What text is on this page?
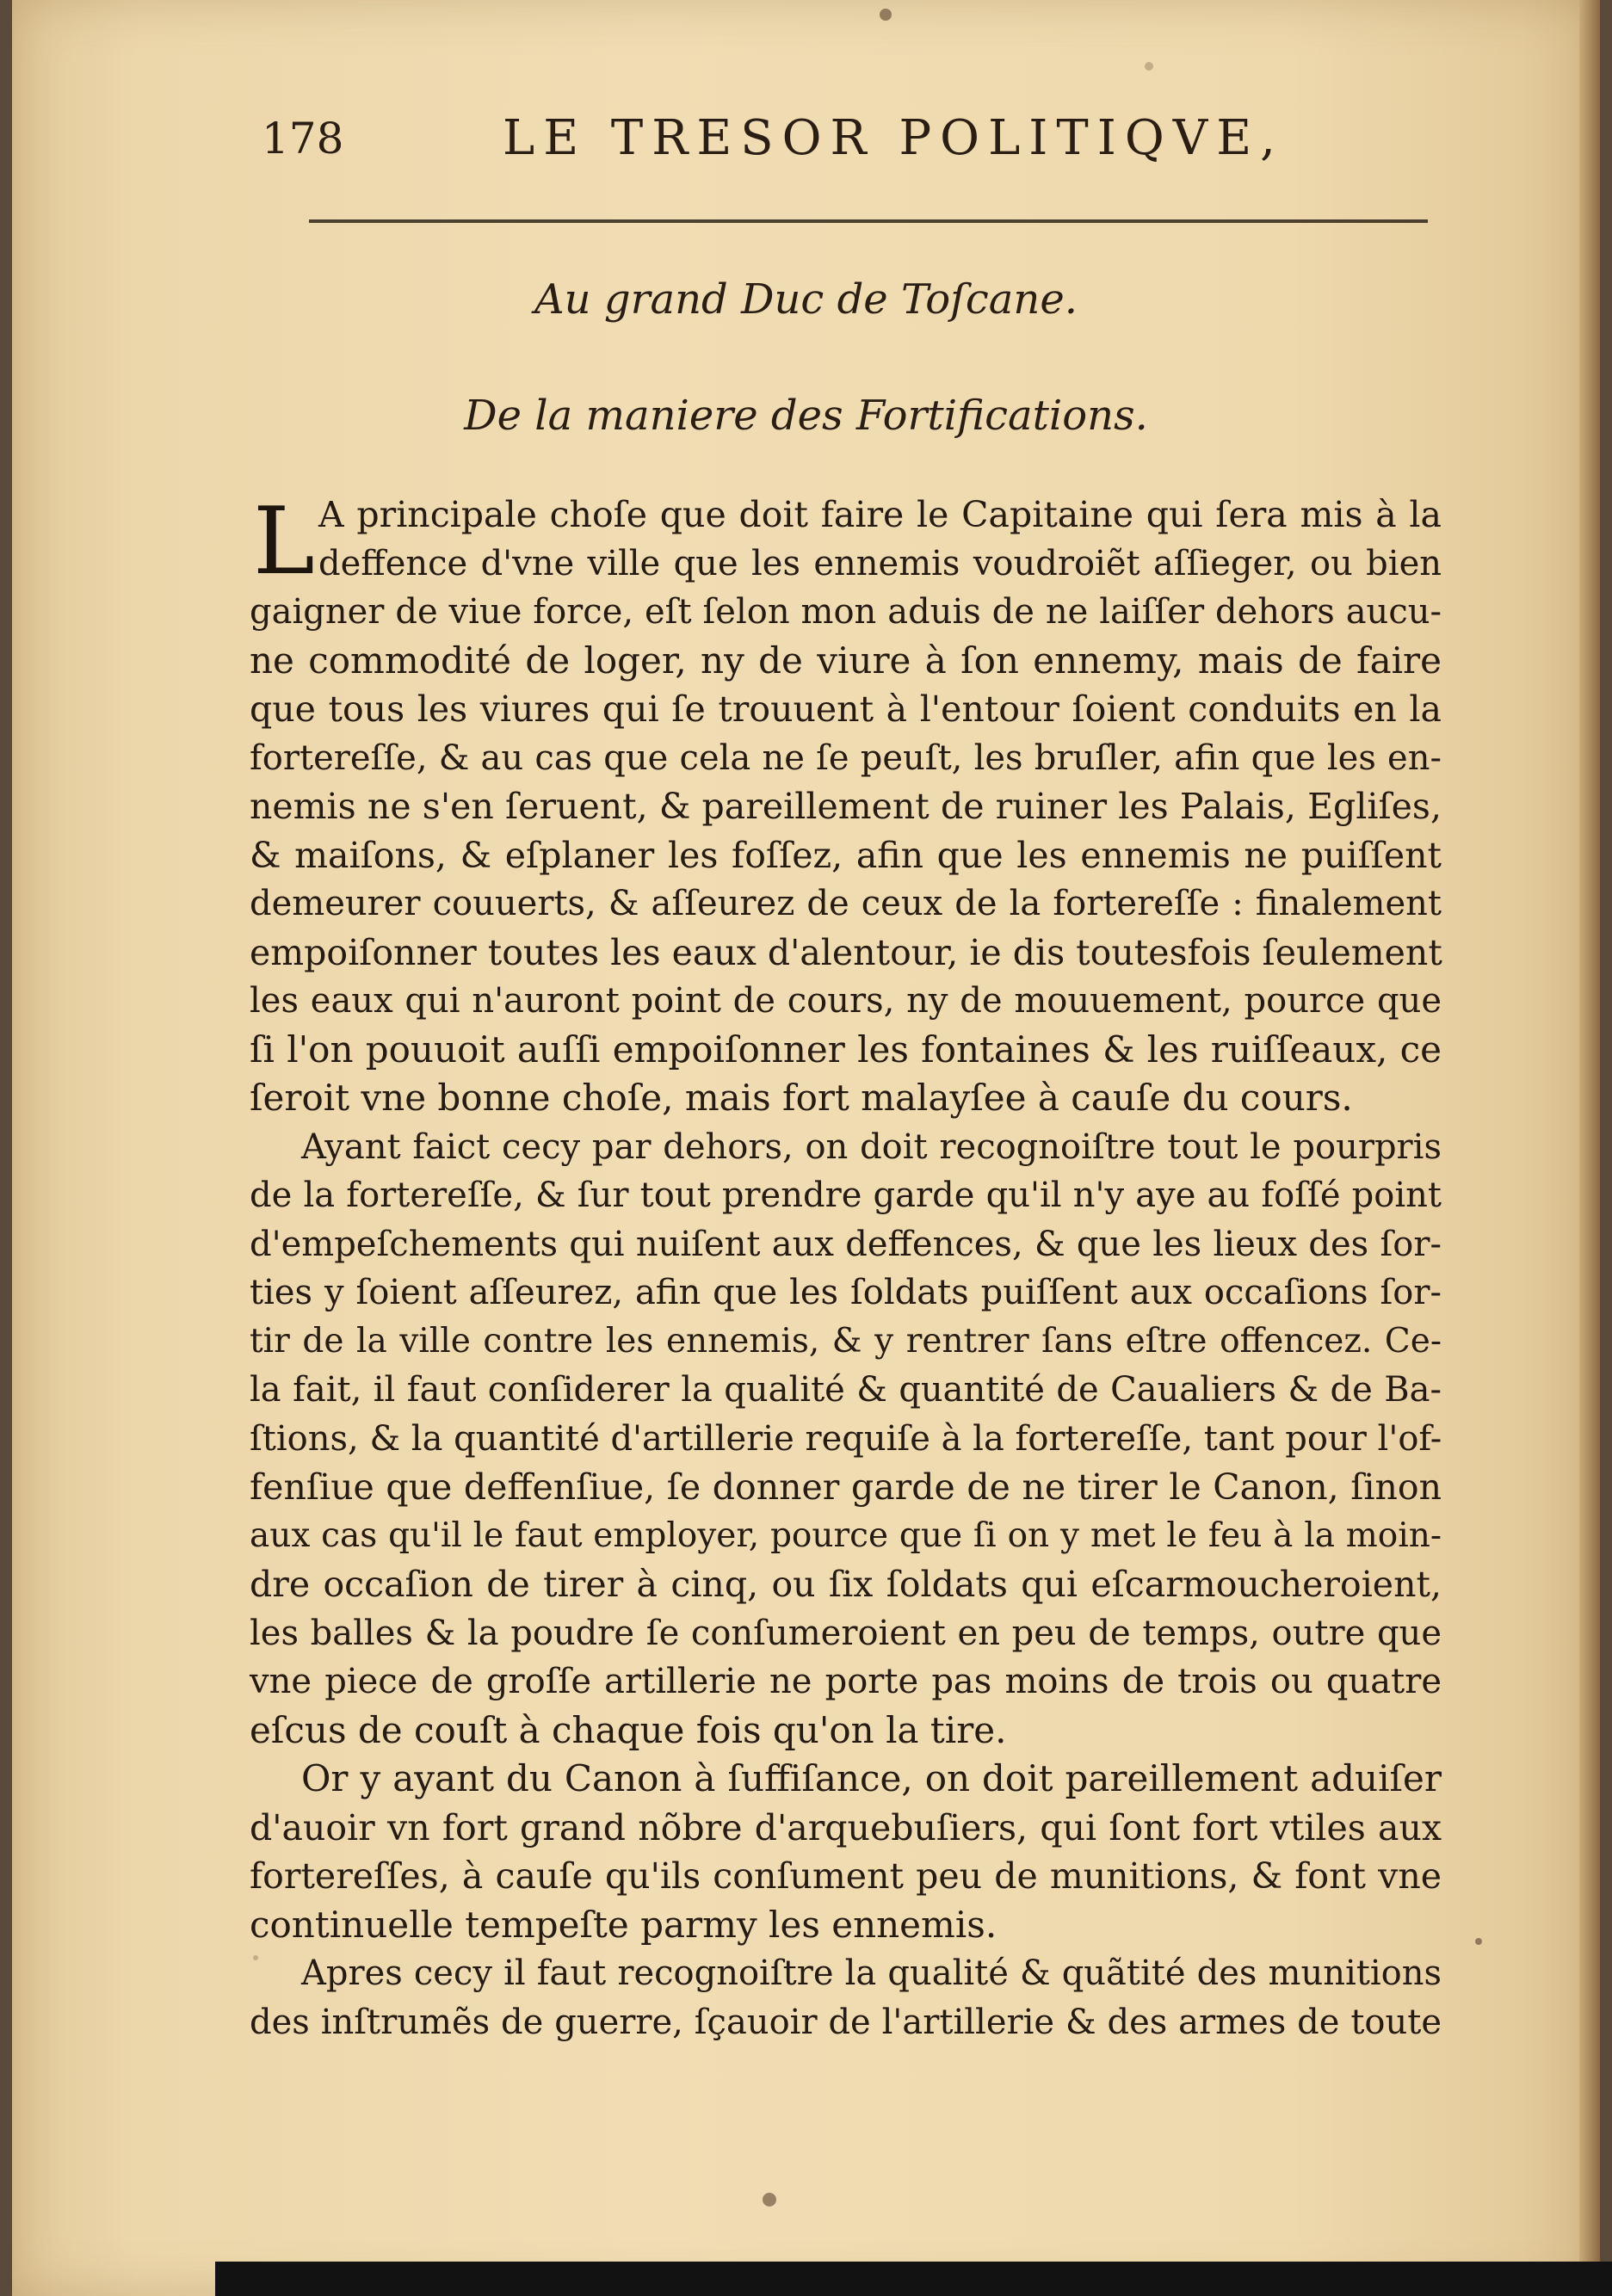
178	LE TRESOR POLITIQVE,
Au grand Duc de Toſcane.
De la maniere des Fortifications.
L A principale choſe que doit faire le Capitaine qui ſera mis à la
deffence d'vne ville que les ennemis voudroiẽt aſſieger, ou bien
gaigner de viue force, eſt ſelon mon aduis de ne laiſſer dehors aucu-
ne commodité de loger, ny de viure à ſon ennemy, mais de faire
que tous les viures qui ſe trouuent à l'entour ſoient conduits en la
fortereſſe, & au cas que cela ne ſe peuſt, les bruſler, afin que les en-
nemis ne s'en ſeruent, & pareillement de ruiner les Palais, Egliſes,
& maiſons, & eſplaner les foſſez, afin que les ennemis ne puiſſent
demeurer couuerts, & aſſeurez de ceux de la fortereſſe : finalement
empoiſonner toutes les eaux d'alentour, ie dis toutesfois ſeulement
les eaux qui n'auront point de cours, ny de mouuement, pource que
ſi l'on pouuoit auſſi empoiſonner les fontaines & les ruiſſeaux, ce
ſeroit vne bonne choſe, mais fort malayſee à cauſe du cours.
Ayant faict cecy par dehors, on doit recognoiſtre tout le pourpris
de la fortereſſe, & ſur tout prendre garde qu'il n'y aye au foſſé point
d'empeſchements qui nuiſent aux deffences, & que les lieux des ſor-
ties y ſoient aſſeurez, afin que les ſoldats puiſſent aux occaſions ſor-
tir de la ville contre les ennemis, & y rentrer ſans eſtre offencez. Ce-
la fait, il faut conſiderer la qualité & quantité de Caualiers & de Ba-
ſtions, & la quantité d'artillerie requiſe à la fortereſſe, tant pour l'of-
fenſiue que deffenſiue, ſe donner garde de ne tirer le Canon, ſinon
aux cas qu'il le faut employer, pource que ſi on y met le feu à la moin-
dre occaſion de tirer à cinq, ou ſix ſoldats qui eſcarmoucheroient,
les balles & la poudre ſe conſumeroient en peu de temps, outre que
vne piece de groſſe artillerie ne porte pas moins de trois ou quatre
eſcus de couſt à chaque fois qu'on la tire.
Or y ayant du Canon à ſuffiſance, on doit pareillement aduiſer
d'auoir vn fort grand nõbre d'arquebuſiers, qui ſont fort vtiles aux
fortereſſes, à cauſe qu'ils conſument peu de munitions, & font vne
continuelle tempeſte parmy les ennemis.
Apres cecy il faut recognoiſtre la qualité & quãtité des munitions
des inſtrumẽs de guerre, ſçauoir de l'artillerie & des armes de toute
